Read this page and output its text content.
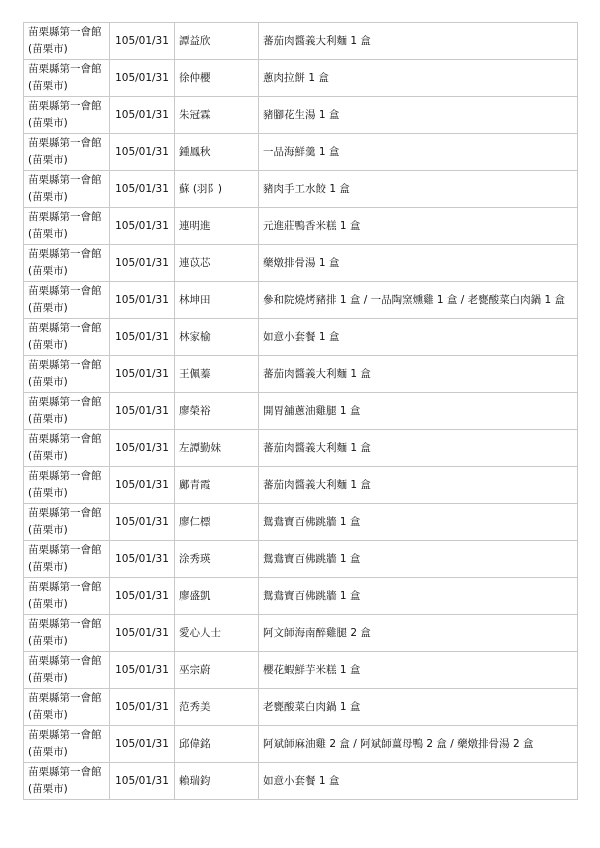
苗栗縣第一會館
(苗栗市)	105/01/31	譚益欣	蕃茄肉醬義大利麵 1 盒

苗栗縣第一會館
(苗栗市)	105/01/31	徐仲櫻	蔥肉拉餅 1 盒

苗栗縣第一會館
(苗栗市)	105/01/31	朱冠霖	豬腳花生湯 1 盒

苗栗縣第一會館
(苗栗市)	105/01/31	鍾鳳秋	一品海鮮羹 1 盒

苗栗縣第一會館
(苗栗市)	105/01/31	蘇 (羽阝)	豬肉手工水餃 1 盒

苗栗縣第一會館
(苗栗市)	105/01/31	連明進	元進莊鴨香米糕 1 盒

苗栗縣第一會館
(苗栗市)	105/01/31	連苡芯	藥燉排骨湯 1 盒

苗栗縣第一會館
(苗栗市)	105/01/31	林坤田	參和院燒烤豬排 1 盒 / 一品陶窯燻雞 1 盒 / 老甕酸菜白肉鍋 1 盒

苗栗縣第一會館
(苗栗市)	105/01/31	林家榆	如意小套餐 1 盒

苗栗縣第一會館
(苗栗市)	105/01/31	王佩蓁	蕃茄肉醬義大利麵 1 盒

苗栗縣第一會館
(苗栗市)	105/01/31	廖榮裕	開胃舖蔥油雞腿 1 盒

苗栗縣第一會館
(苗栗市)	105/01/31	左譚勤妹	蕃茄肉醬義大利麵 1 盒

苗栗縣第一會館
(苗栗市)	105/01/31	鄺青霞	蕃茄肉醬義大利麵 1 盒

苗栗縣第一會館
(苗栗市)	105/01/31	廖仁標	鴛鴦寶百佛跳牆 1 盒

苗栗縣第一會館
(苗栗市)	105/01/31	涂秀瑛	鴛鴦寶百佛跳牆 1 盒

苗栗縣第一會館
(苗栗市)	105/01/31	廖盛凱	鴛鴦寶百佛跳牆 1 盒

苗栗縣第一會館
(苗栗市)	105/01/31	愛心人士	阿文師海南醉雞腿 2 盒

苗栗縣第一會館
(苗栗市)	105/01/31	巫宗蔚	櫻花蝦鮮芋米糕 1 盒

苗栗縣第一會館
(苗栗市)	105/01/31	范秀美	老甕酸菜白肉鍋 1 盒

苗栗縣第一會館
(苗栗市)	105/01/31	邱偉銘	阿斌師麻油雞 2 盒 / 阿斌師薑母鴨 2 盒 / 藥燉排骨湯 2 盒

苗栗縣第一會館
(苗栗市)	105/01/31	賴瑞鈞	如意小套餐 1 盒
